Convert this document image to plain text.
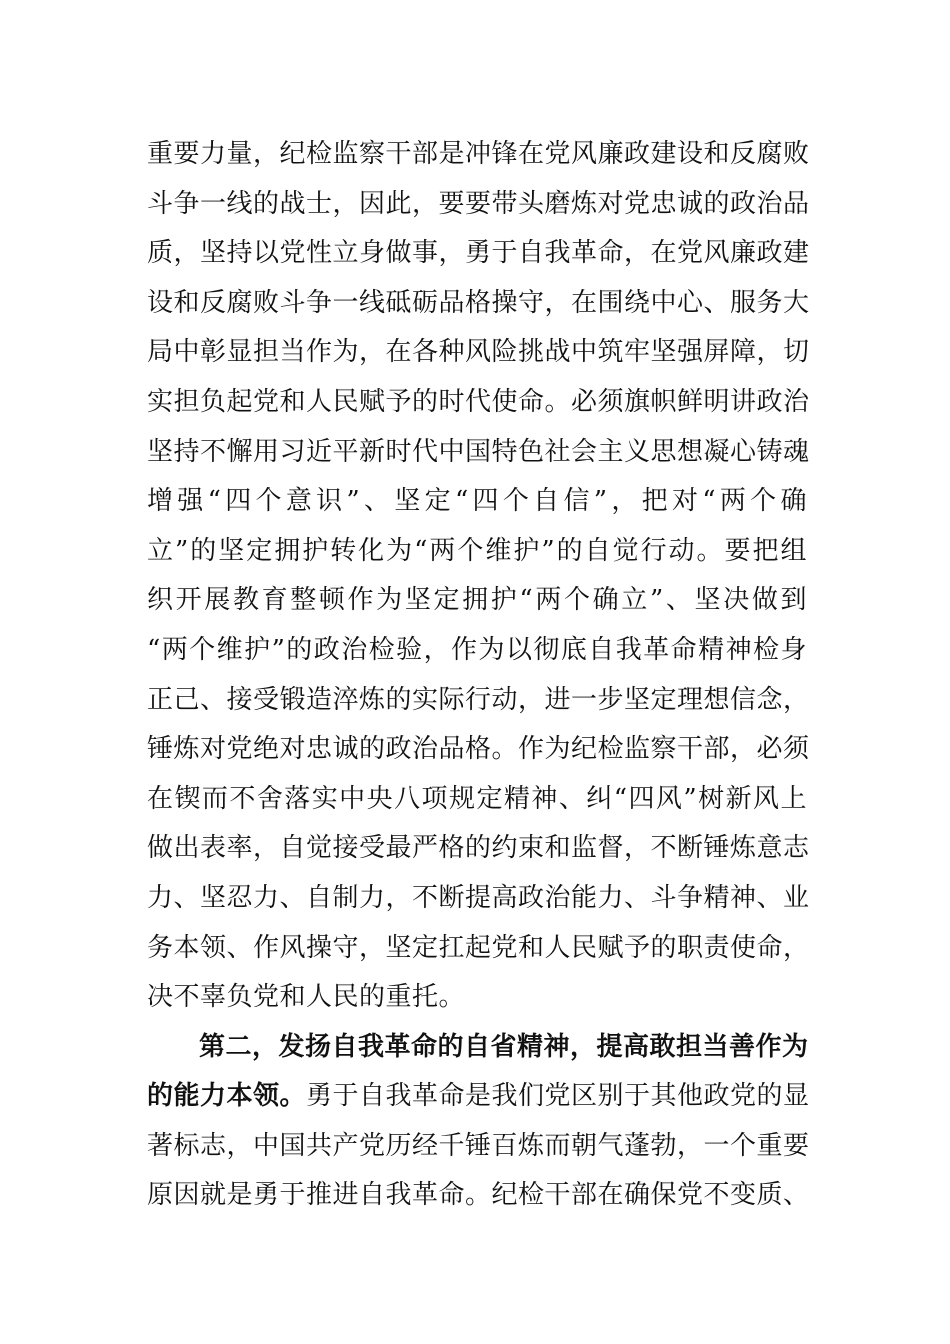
重要力量，纪检监察干部是冲锋在党风廉政建设和反腐败
斗争一线的战士，因此，要要带头磨炼对党忠诚的政治品
质，坚持以党性立身做事，勇于自我革命，在党风廉政建
设和反腐败斗争一线砥砺品格操守，在围绕中心、服务大
局中彰显担当作为，在各种风险挑战中筑牢坚强屏障，切
实担负起党和人民赋予的时代使命。必须旗帜鲜明讲政治
坚持不懈用习近平新时代中国特色社会主义思想凝心铸魂
增强“四个意识”、坚定“四个自信”，把对“两个确
立”的坚定拥护转化为“两个维护”的自觉行动。要把组
织开展教育整顿作为坚定拥护“两个确立”、坚决做到
“两个维护”的政治检验，作为以彻底自我革命精神检身
正己、接受锻造淬炼的实际行动，进一步坚定理想信念，
锤炼对党绝对忠诚的政治品格。作为纪检监察干部，必须
在锲而不舍落实中央八项规定精神、纠“四风”树新风上
做出表率，自觉接受最严格的约束和监督，不断锤炼意志
力、坚忍力、自制力，不断提高政治能力、斗争精神、业
务本领、作风操守，坚定扛起党和人民赋予的职责使命，
决不辜负党和人民的重托。
第二，发扬自我革命的自省精神，提高敢担当善作为
的能力本领。勇于自我革命是我们党区别于其他政党的显
著标志，中国共产党历经千锤百炼而朝气蓬勃，一个重要
原因就是勇于推进自我革命。纪检干部在确保党不变质、
